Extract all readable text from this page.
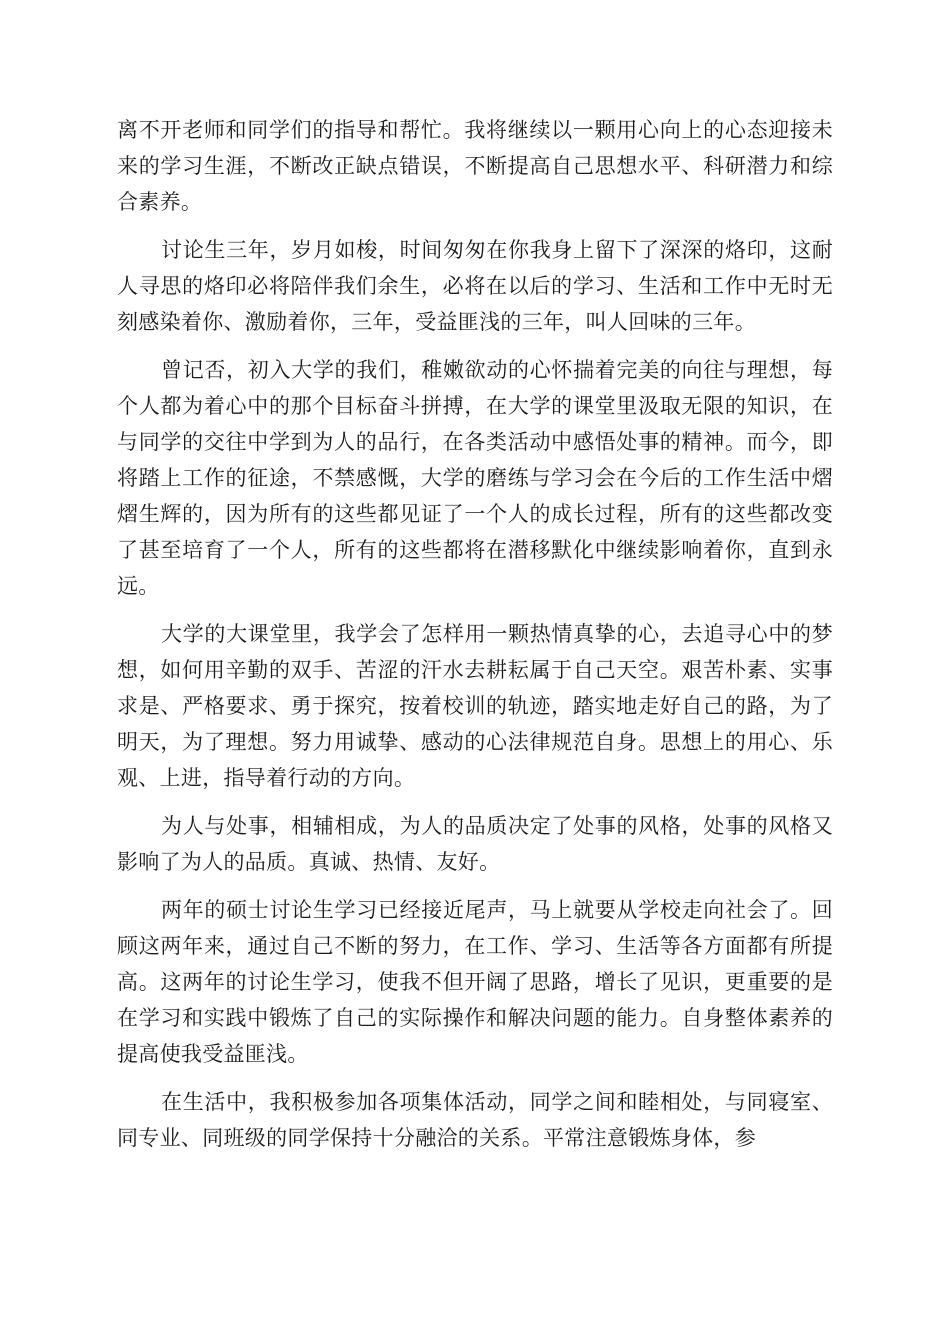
离不开老师和同学们的指导和帮忙。我将继续以一颗用心向上的心态迎接未来的学习生涯，不断改正缺点错误，不断提高自己思想水平、科研潜力和综合素养。

讨论生三年，岁月如梭，时间匆匆在你我身上留下了深深的烙印，这耐人寻思的烙印必将陪伴我们余生，必将在以后的学习、生活和工作中无时无刻感染着你、激励着你，三年，受益匪浅的三年，叫人回味的三年。

曾记否，初入大学的我们，稚嫩欲动的心怀揣着完美的向往与理想，每个人都为着心中的那个目标奋斗拼搏，在大学的课堂里汲取无限的知识，在与同学的交往中学到为人的品行，在各类活动中感悟处事的精神。而今，即将踏上工作的征途，不禁感慨，大学的磨练与学习会在今后的工作生活中熠熠生辉的，因为所有的这些都见证了一个人的成长过程，所有的这些都改变了甚至培育了一个人，所有的这些都将在潜移默化中继续影响着你，直到永远。

大学的大课堂里，我学会了怎样用一颗热情真挚的心，去追寻心中的梦想，如何用辛勤的双手、苦涩的汗水去耕耘属于自己天空。艰苦朴素、实事求是、严格要求、勇于探究，按着校训的轨迹，踏实地走好自己的路，为了明天，为了理想。努力用诚挚、感动的心法律规范自身。思想上的用心、乐观、上进，指导着行动的方向。

为人与处事，相辅相成，为人的品质决定了处事的风格，处事的风格又影响了为人的品质。真诚、热情、友好。

两年的硕士讨论生学习已经接近尾声，马上就要从学校走向社会了。回顾这两年来，通过自己不断的努力，在工作、学习、生活等各方面都有所提高。这两年的讨论生学习，使我不但开阔了思路，增长了见识，更重要的是在学习和实践中锻炼了自己的实际操作和解决问题的能力。自身整体素养的提高使我受益匪浅。

在生活中，我积极参加各项集体活动，同学之间和睦相处，与同寝室、同专业、同班级的同学保持十分融洽的关系。平常注意锻炼身体，参
